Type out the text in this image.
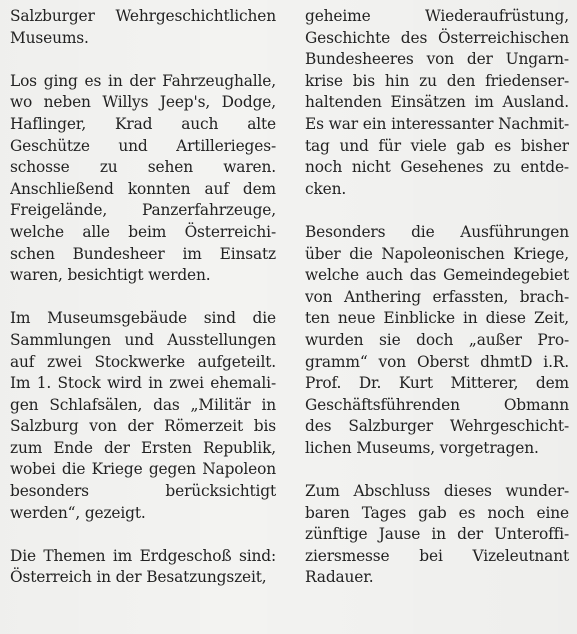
Salzburger Wehrgeschichtlichen
Museums.

Los ging es in der Fahrzeughalle,
wo neben Willys Jeep's, Dodge,
Haflinger, Krad auch alte
Geschütze und Artillerieges-
schosse zu sehen waren.
Anschließend konnten auf dem
Freigelände, Panzerfahrzeuge,
welche alle beim Österreichi-
schen Bundesheer im Einsatz
waren, besichtigt werden.

Im Museumsgebäude sind die
Sammlungen und Ausstellungen
auf zwei Stockwerke aufgeteilt.
Im 1. Stock wird in zwei ehemali-
gen Schlafsälen, das „Militär in
Salzburg von der Römerzeit bis
zum Ende der Ersten Republik,
wobei die Kriege gegen Napoleon
besonders berücksichtigt
werden“, gezeigt.

Die Themen im Erdgeschoß sind:
Österreich in der Besatzungszeit,

geheime Wiederaufrüstung,
Geschichte des Österreichischen
Bundesheeres von der Ungarn-
krise bis hin zu den friedenser-
haltenden Einsätzen im Ausland.
Es war ein interessanter Nachmit-
tag und für viele gab es bisher
noch nicht Gesehenes zu entde-
cken.

Besonders die Ausführungen
über die Napoleonischen Kriege,
welche auch das Gemeindegebiet
von Anthering erfassten, brach-
ten neue Einblicke in diese Zeit,
wurden sie doch „außer Pro-
gramm“ von Oberst dhmtD i.R.
Prof. Dr. Kurt Mitterer, dem
Geschäftsführenden Obmann
des Salzburger Wehrgeschicht-
lichen Museums, vorgetragen.

Zum Abschluss dieses wunder-
baren Tages gab es noch eine
zünftige Jause in der Unteroffi-
ziersmesse bei Vizeleutnant
Radauer.
